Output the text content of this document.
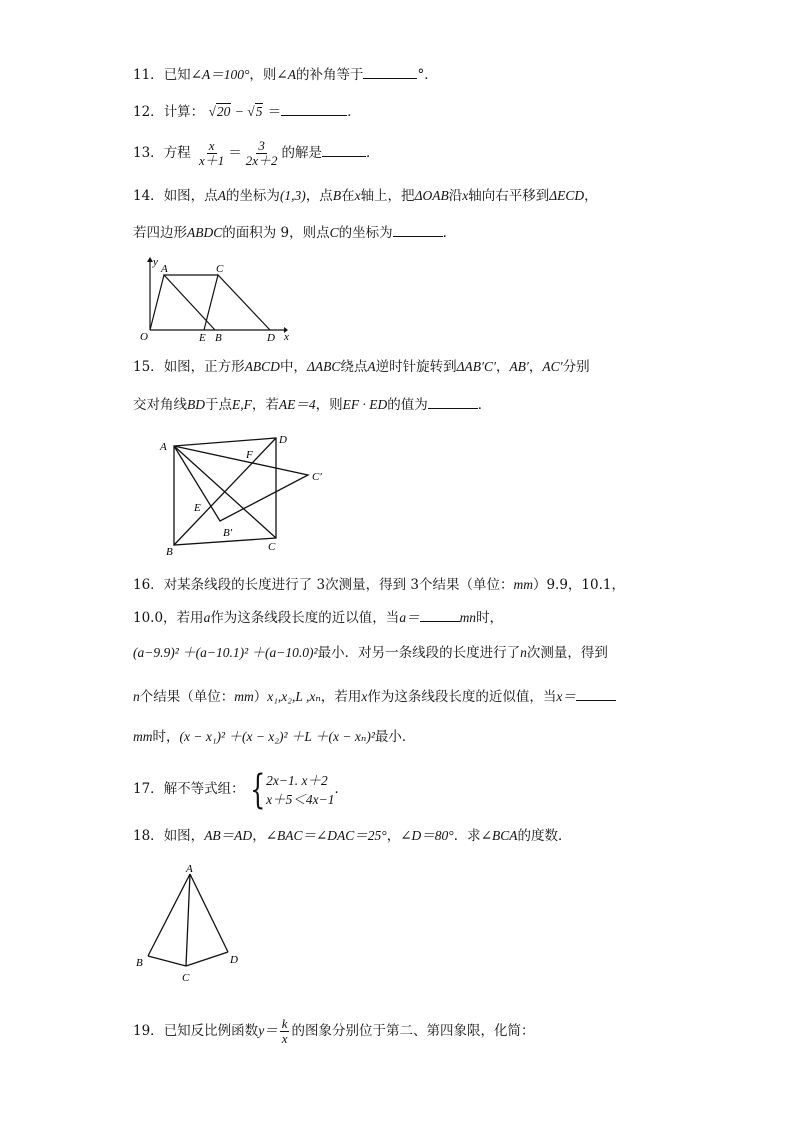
11．已知∠A＝100°，则∠A的补角等于	°．
12．计算： √20 − √5 ＝	．
13．方程 $\frac{x}{x+1} = \frac{3}{2x+2}$ 的解是	．
14．如图，点A的坐标为(1,3)，点B在x轴上，把ΔOAB沿x轴向右平移到ΔECD，
若四边形ABDC的面积为 9，则点C的坐标为	．
y
A	C
O	E B	D x
15．如图，正方形ABCD中，ΔABC绕点A逆时针旋转到ΔAB′C′，AB′，AC′分别
交对角线BD于点E,F，若AE＝4，则EF · ED的值为	．
A
D
F
C′
E
B′
B	C
16．对某条线段的长度进行了 3次测量，得到 3个结果（单位：mm）9.9，10.1，
10.0，若用a作为这条线段长度的近以值，当a＝	mn时，
(a−9.9)² ＋(a−10.1)² ＋(a−10.0)²最小．对另一条线段的长度进行了n次测量，得到
n个结果（单位：mm）x₁,x₂,L ,xₙ，若用x作为这条线段长度的近似值，当x＝
mm时，(x − x₁)² ＋(x − x₂)² ＋L ＋(x − xₙ)²最小．
17．解不等式组： { 2x−1. x＋2
x＋5＜4x−1
．
18．如图，AB＝AD，∠BAC＝∠DAC＝25°，∠D＝80°．求∠BCA的度数．
A
B
C
D
19．已知反比例函数$y= \frac{k}{x}$ 的图象分别位于第二、第四象限，化简：
